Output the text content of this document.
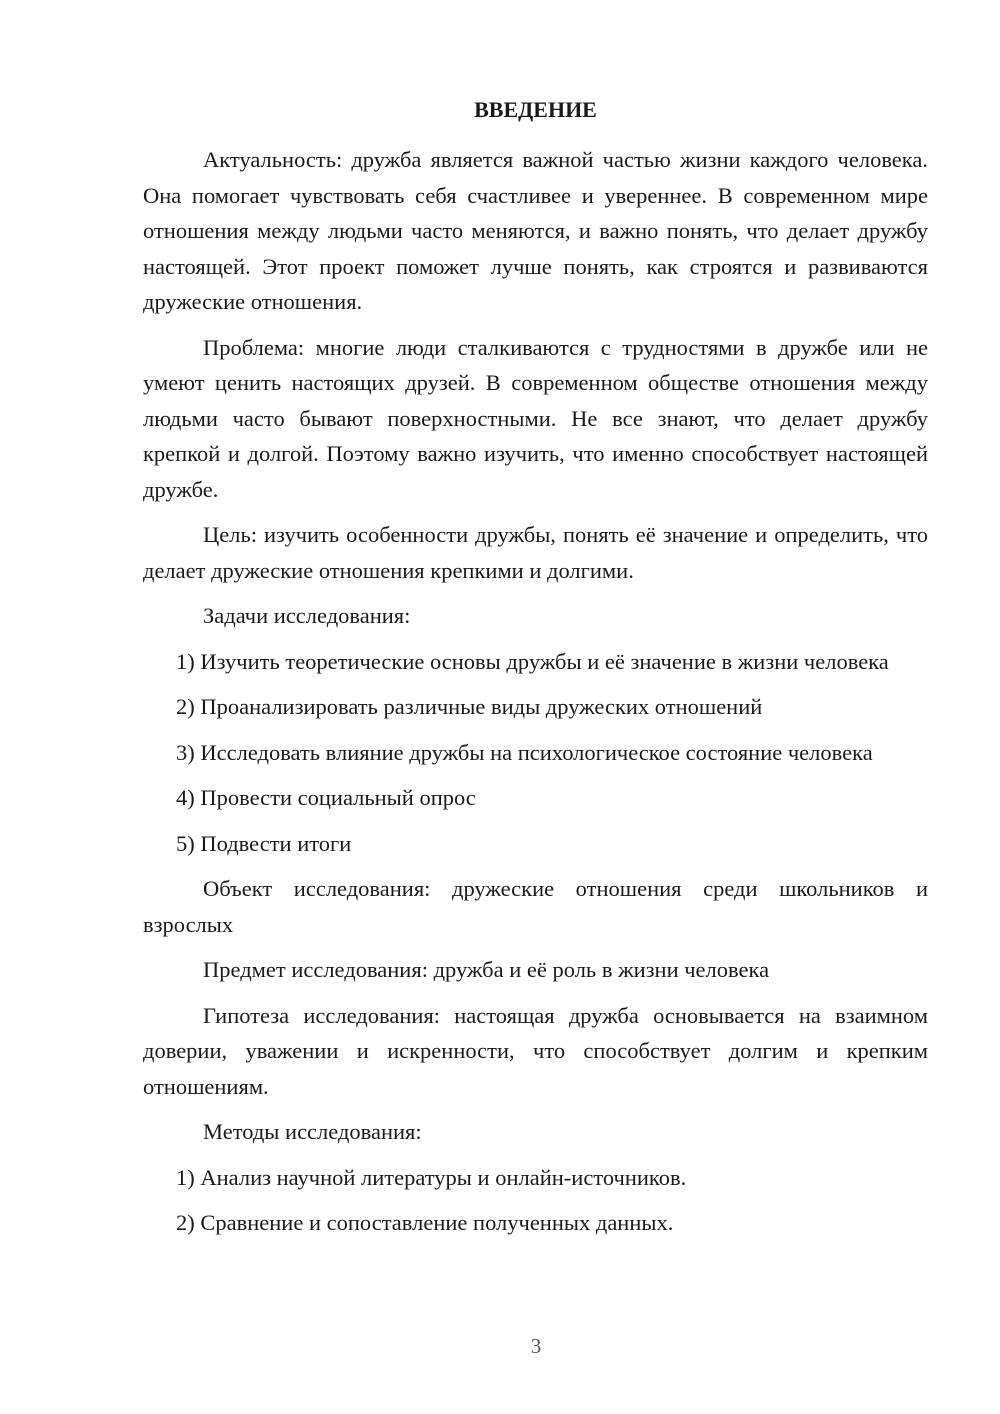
ВВЕДЕНИЕ

Актуальность: дружба является важной частью жизни каждого человека. Она помогает чувствовать себя счастливее и увереннее. В современном мире отношения между людьми часто меняются, и важно понять, что делает дружбу настоящей. Этот проект поможет лучше понять, как строятся и развиваются дружеские отношения.

Проблема: многие люди сталкиваются с трудностями в дружбе или не умеют ценить настоящих друзей. В современном обществе отношения между людьми часто бывают поверхностными. Не все знают, что делает дружбу крепкой и долгой. Поэтому важно изучить, что именно способствует настоящей дружбе.

Цель: изучить особенности дружбы, понять её значение и определить, что делает дружеские отношения крепкими и долгими.

Задачи исследования:

1) Изучить теоретические основы дружбы и её значение в жизни человека

2) Проанализировать различные виды дружеских отношений

3) Исследовать влияние дружбы на психологическое состояние человека

4) Провести социальный опрос

5) Подвести итоги

Объект исследования: дружеские отношения среди школьников и взрослых

Предмет исследования: дружба и её роль в жизни человека

Гипотеза исследования: настоящая дружба основывается на взаимном доверии, уважении и искренности, что способствует долгим и крепким отношениям.

Методы исследования:

1) Анализ научной литературы и онлайн-источников.

2) Сравнение и сопоставление полученных данных.

3
